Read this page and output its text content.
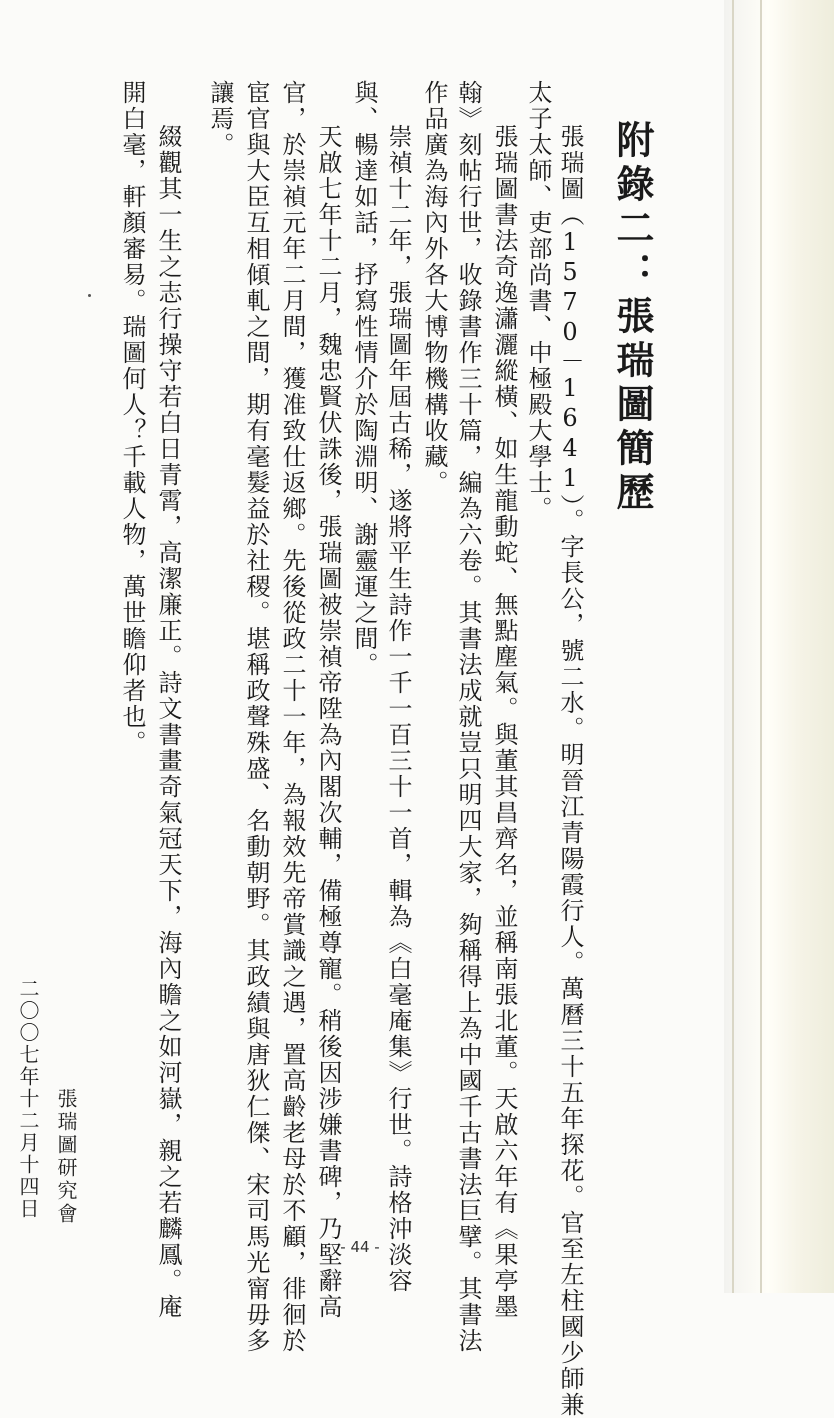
附錄二：張瑞圖簡歷
張瑞圖（1570－1641）。字長公，號二水。明晉江青陽霞行人。萬曆三十五年探花。官至左柱國少師兼
太子太師、吏部尚書、中極殿大學士。
張瑞圖書法奇逸瀟灑縱橫、如生龍動蛇、無點塵氣。與董其昌齊名，並稱南張北董。天啟六年有《果亭墨
翰》刻帖行世，收錄書作三十篇，編為六卷。其書法成就豈只明四大家，夠稱得上為中國千古書法巨擘。其書法
作品廣為海內外各大博物機構收藏。
崇禎十二年，張瑞圖年屆古稀，遂將平生詩作一千一百三十一首，輯為《白毫庵集》行世。詩格沖淡容
與、暢達如話，抒寫性情介於陶淵明、謝靈運之間。
天啟七年十二月，魏忠賢伏誅後，張瑞圖被崇禎帝陞為內閣次輔，備極尊寵。稍後因涉嫌書碑，乃堅辭高
官，於崇禎元年二月間，獲准致仕返鄉。先後從政二十一年，為報效先帝賞識之遇，置高齡老母於不顧，徘徊於
宦官與大臣互相傾軋之間，期有毫髮益於社稷。堪稱政聲殊盛、名動朝野。其政績與唐狄仁傑、宋司馬光甯毋多
讓焉。
綴觀其一生之志行操守若白日青霄，高潔廉正。詩文書畫奇氣冠天下，海內瞻之如河嶽，親之若麟鳳。庵
開白毫，軒顏審易。瑞圖何人？千載人物，萬世瞻仰者也。
張瑞圖研究會
二〇〇七年十二月十四日
- 44 -
